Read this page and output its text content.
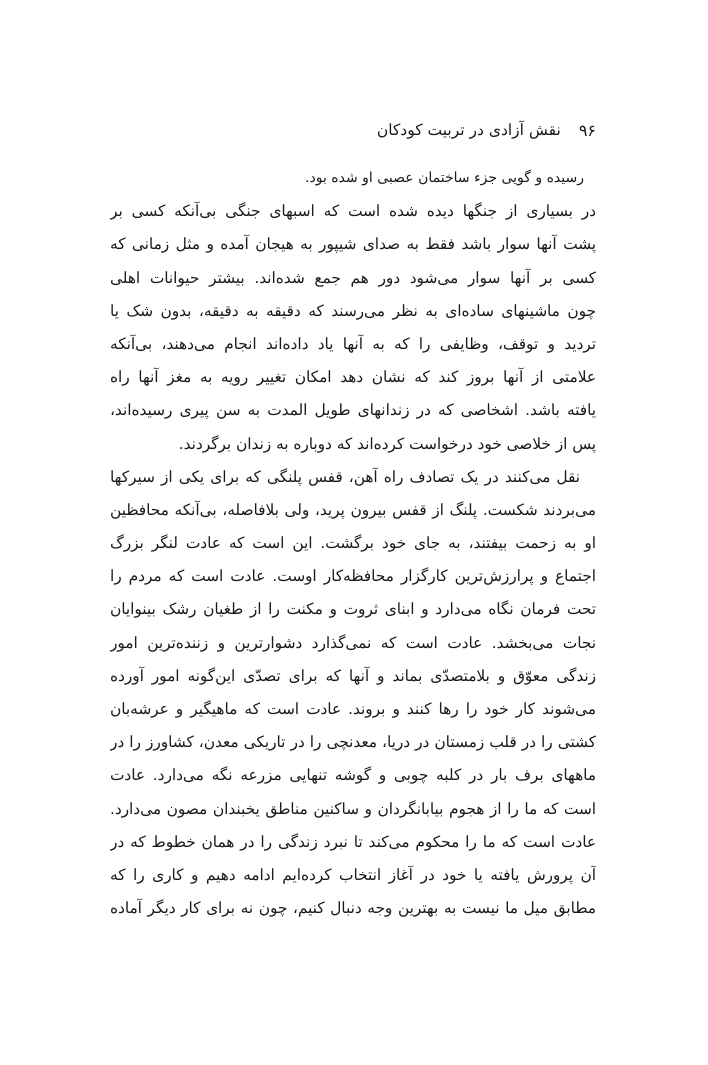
۹۶
نقش آزادی در تربیت کودکان
رسیده و گویی جزء ساختمان عصبی او شده بود.
در بسیاری از جنگها دیده شده است که اسبهای جنگی بی‌آنکه کسی بر
پشت آنها سوار باشد فقط به صدای شیپور به هیجان آمده و مثل زمانی که
کسی بر آنها سوار می‌شود دور هم جمع شده‌اند. بیشتر حیوانات اهلی
چون ماشینهای ساده‌ای به نظر می‌رسند که دقیقه به دقیقه، بدون شک یا
تردید و توقف، وظایفی را که به آنها یاد داده‌اند انجام می‌دهند، بی‌آنکه
علامتی از آنها بروز کند که نشان دهد امکان تغییر رویه به مغز آنها راه
یافته باشد. اشخاصی که در زندانهای طویل المدت به سن پیری رسیده‌اند،
پس از خلاصی خود درخواست کرده‌اند که دوباره به زندان برگردند.
نقل می‌کنند در یک تصادف راه آهن، قفس پلنگی که برای یکی از سیرکها
می‌بردند شکست. پلنگ از قفس بیرون پرید، ولی بلافاصله، بی‌آنکه محافظین
او به زحمت بیفتند، به جای خود برگشت. این است که عادت لنگر بزرگ
اجتماع و پرارزش‌ترین کارگزار محافظه‌کار اوست. عادت است که مردم را
تحت فرمان نگاه می‌دارد و ابنای ثروت و مکنت را از طغیان رشک بینوایان
نجات می‌بخشد. عادت است که نمی‌گذارد دشوارترین و زننده‌ترین امور
زندگی معوّق و بلامتصدّی بماند و آنها که برای تصدّی این‌گونه امور آورده
می‌شوند کار خود را رها کنند و بروند. عادت است که ماهیگیر و عرشه‌بان
کشتی را در قلب زمستان در دریا، معدنچی را در تاریکی معدن، کشاورز را در
ماههای برف بار در کلبه چوبی و گوشه تنهایی مزرعه نگه می‌دارد. عادت
است که ما را از هجوم بیابانگردان و ساکنین مناطق یخبندان مصون می‌دارد.
عادت است که ما را محکوم می‌کند تا نبرد زندگی را در همان خطوط که در
آن پرورش یافته یا خود در آغاز انتخاب کرده‌ایم ادامه دهیم و کاری را که
مطابق میل ما نیست به بهترین وجه دنبال کنیم، چون نه برای کار دیگر آماده
